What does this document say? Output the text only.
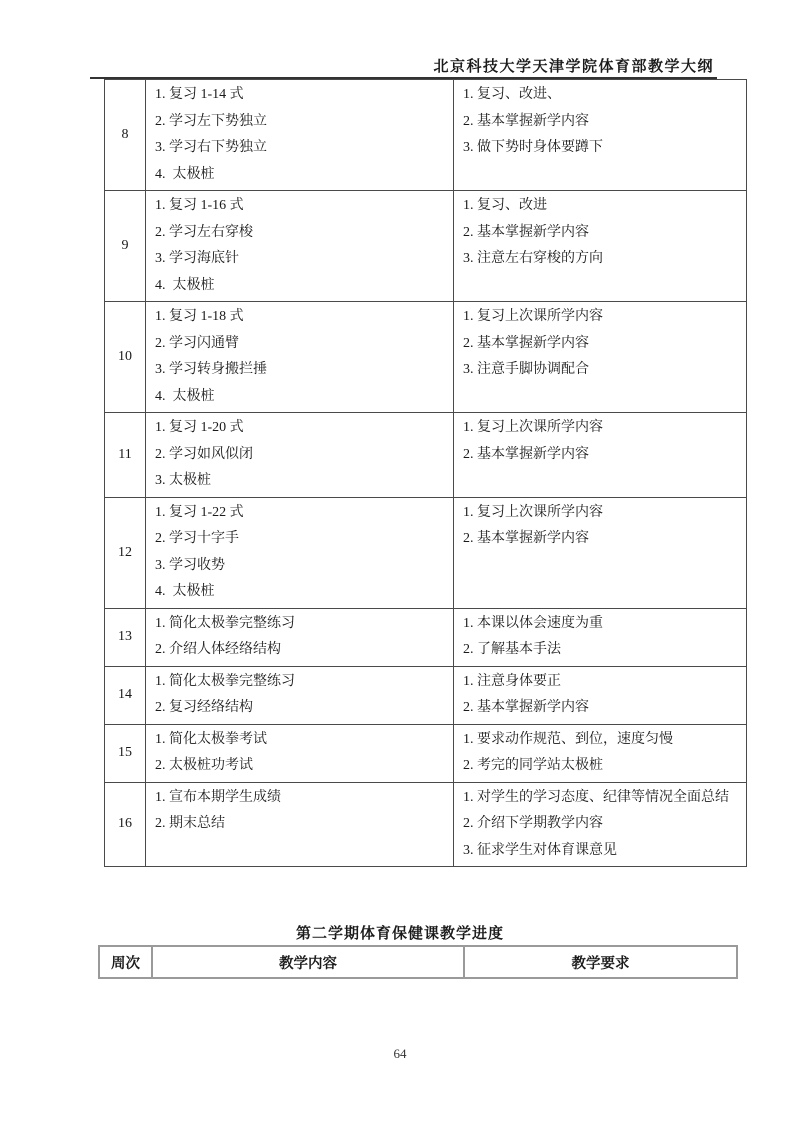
北京科技大学天津学院体育部教学大纲
8	
1. 复习 1-14 式
2. 学习左下势独立
3. 学习右下势独立
4.  太极桩

1. 复习、改进、
2. 基本掌握新学内容
3. 做下势时身体要蹲下

9	
1. 复习 1-16 式
2. 学习左右穿梭
3. 学习海底针
4.  太极桩

1. 复习、改进
2. 基本掌握新学内容
3. 注意左右穿梭的方向

10	
1. 复习 1-18 式
2. 学习闪通臂
3. 学习转身搬拦捶
4.  太极桩

1. 复习上次课所学内容
2. 基本掌握新学内容
3. 注意手脚协调配合

11	
1. 复习 1-20 式
2. 学习如风似闭
3. 太极桩

1. 复习上次课所学内容
2. 基本掌握新学内容

12	
1. 复习 1-22 式
2. 学习十字手
3. 学习收势
4.  太极桩

1. 复习上次课所学内容
2. 基本掌握新学内容

13	
1. 简化太极拳完整练习
2. 介绍人体经络结构

1. 本课以体会速度为重
2. 了解基本手法

14	
1. 简化太极拳完整练习
2. 复习经络结构

1. 注意身体要正
2. 基本掌握新学内容

15	
1. 简化太极拳考试
2. 太极桩功考试

1. 要求动作规范、到位，速度匀慢
2. 考完的同学站太极桩

16	
1. 宣布本期学生成绩
2. 期末总结

1. 对学生的学习态度、纪律等情况全面总结
2. 介绍下学期教学内容
3. 征求学生对体育课意见
第二学期体育保健课教学进度
周次	教学内容	教学要求
64
